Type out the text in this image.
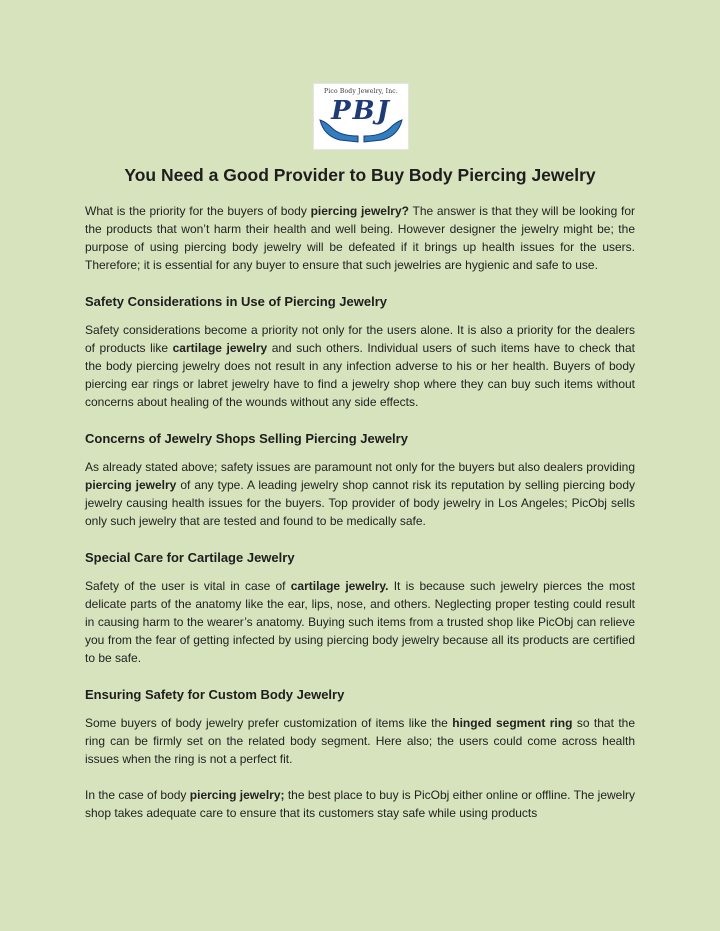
Pico Body Jewelry, Inc.
PBJ
You Need a Good Provider to Buy Body Piercing Jewelry

What is the priority for the buyers of body piercing jewelry? The answer is that they will be looking for the products that won’t harm their health and well being. However designer the jewelry might be; the purpose of using piercing body jewelry will be defeated if it brings up health issues for the users. Therefore; it is essential for any buyer to ensure that such jewelries are hygienic and safe to use.

Safety Considerations in Use of Piercing Jewelry

Safety considerations become a priority not only for the users alone. It is also a priority for the dealers of products like cartilage jewelry and such others. Individual users of such items have to check that the body piercing jewelry does not result in any infection adverse to his or her health. Buyers of body piercing ear rings or labret jewelry have to find a jewelry shop where they can buy such items without concerns about healing of the wounds without any side effects.

Concerns of Jewelry Shops Selling Piercing Jewelry

As already stated above; safety issues are paramount not only for the buyers but also dealers providing piercing jewelry of any type. A leading jewelry shop cannot risk its reputation by selling piercing body jewelry causing health issues for the buyers. Top provider of body jewelry in Los Angeles; PicObj sells only such jewelry that are tested and found to be medically safe.

Special Care for Cartilage Jewelry

Safety of the user is vital in case of cartilage jewelry. It is because such jewelry pierces the most delicate parts of the anatomy like the ear, lips, nose, and others. Neglecting proper testing could result in causing harm to the wearer’s anatomy. Buying such items from a trusted shop like PicObj can relieve you from the fear of getting infected by using piercing body jewelry because all its products are certified to be safe.

Ensuring Safety for Custom Body Jewelry

Some buyers of body jewelry prefer customization of items like the hinged segment ring so that the ring can be firmly set on the related body segment. Here also; the users could come across health issues when the ring is not a perfect fit.

In the case of body piercing jewelry; the best place to buy is PicObj either online or offline. The jewelry shop takes adequate care to ensure that its customers stay safe while using products
